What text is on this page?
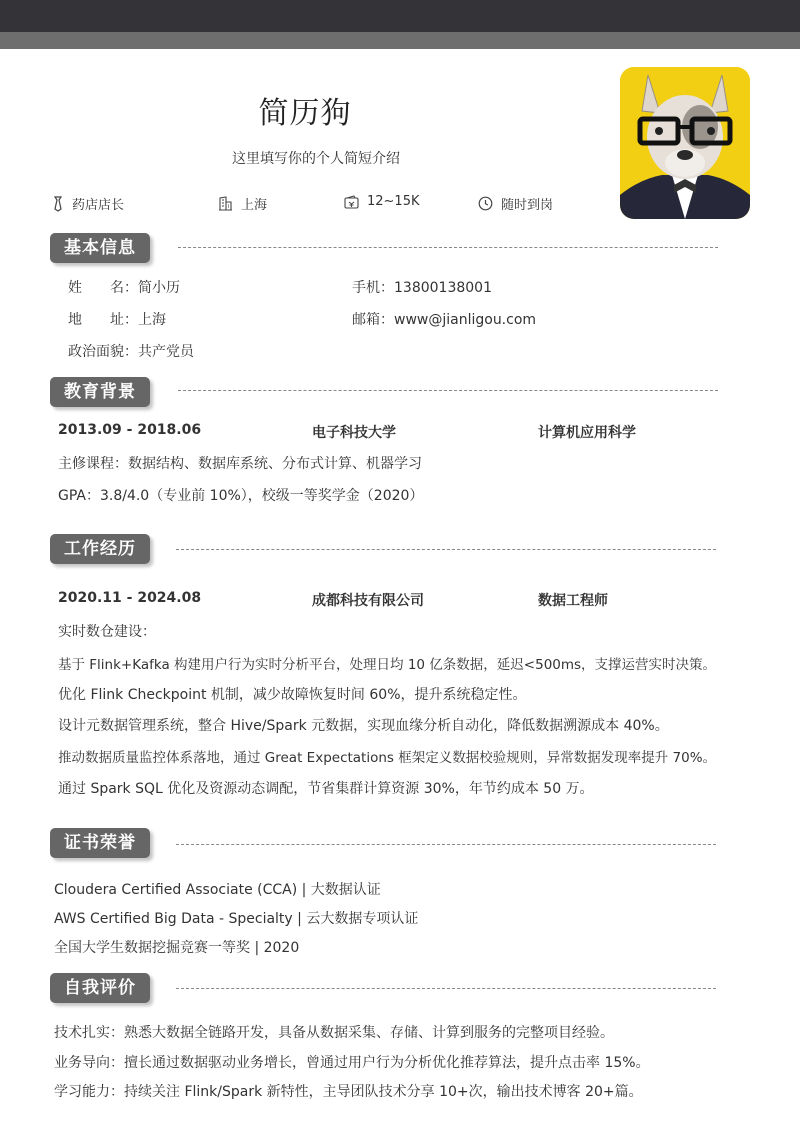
简历狗
这里填写你的个人简短介绍
药店店长	上海	12~15K	随时到岗
基本信息
姓　　名：简小历	手机：13800138001
地　　址：上海	邮箱：www@jianligou.com
政治面貌：共产党员
教育背景
2013.09 - 2018.06	电子科技大学	计算机应用科学
主修课程：数据结构、数据库系统、分布式计算、机器学习
GPA：3.8/4.0（专业前 10%），校级一等奖学金（2020）
工作经历
2020.11 - 2024.08	成都科技有限公司	数据工程师
实时数仓建设：
基于 Flink+Kafka 构建用户行为实时分析平台，处理日均 10 亿条数据，延迟<500ms，支撑运营实时决策。
优化 Flink Checkpoint 机制，减少故障恢复时间 60%，提升系统稳定性。
设计元数据管理系统，整合 Hive/Spark 元数据，实现血缘分析自动化，降低数据溯源成本 40%。
推动数据质量监控体系落地，通过 Great Expectations 框架定义数据校验规则，异常数据发现率提升 70%。
通过 Spark SQL 优化及资源动态调配，节省集群计算资源 30%，年节约成本 50 万。
证书荣誉
Cloudera Certified Associate (CCA) | 大数据认证
AWS Certified Big Data - Specialty | 云大数据专项认证
全国大学生数据挖掘竞赛一等奖 | 2020
自我评价
技术扎实：熟悉大数据全链路开发，具备从数据采集、存储、计算到服务的完整项目经验。
业务导向：擅长通过数据驱动业务增长，曾通过用户行为分析优化推荐算法，提升点击率 15%。
学习能力：持续关注 Flink/Spark 新特性，主导团队技术分享 10+次，输出技术博客 20+篇。
